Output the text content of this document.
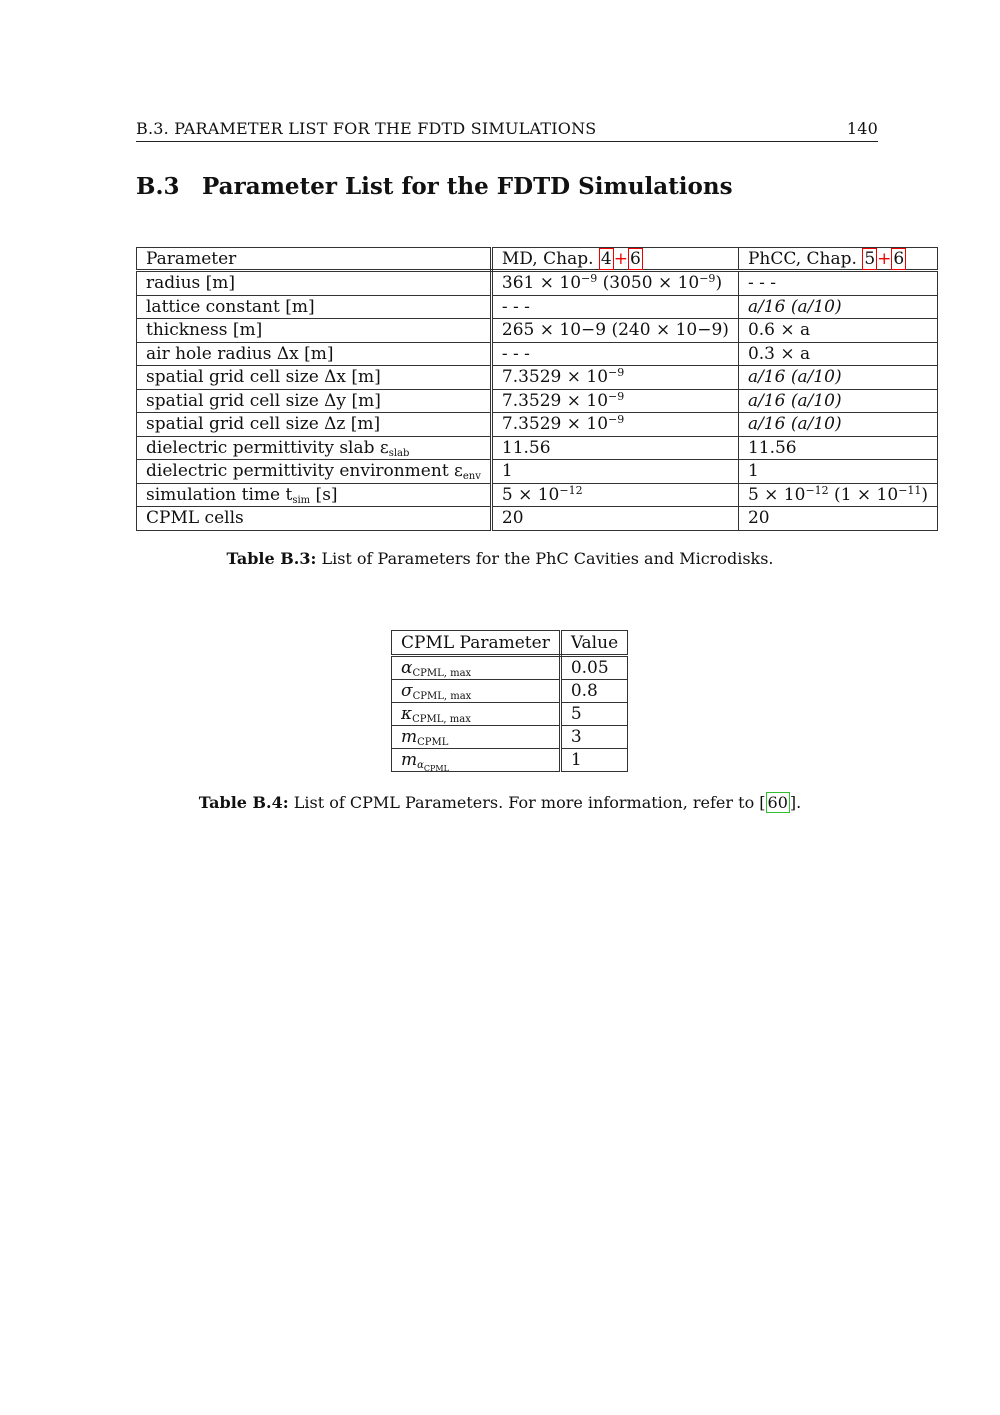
B.3. PARAMETER LIST FOR THE FDTD SIMULATIONS	140
B.3 Parameter List for the FDTD Simulations
Parameter	MD, Chap. 4 + 6	PhCC, Chap. 5 + 6
radius [m]	$361 \times 10^{-9}$ $(3050 \times 10^{-9})$	- - -
lattice constant [m]	- - -	a/16 (a/10)
thickness [m]	265 × 10−9 (240 × 10−9)	0.6 × a
air hole radius Δx [m]	- - -	0.3 × a
spatial grid cell size Δx [m]	$7.3529 \times 10^{-9}$	a/16 (a/10)
spatial grid cell size Δy [m]	$7.3529 \times 10^{-9}$	a/16 (a/10)
spatial grid cell size Δz [m]	$7.3529 \times 10^{-9}$	a/16 (a/10)
dielectric permittivity slab $\varepsilon_{slab}$	11.56	11.56
dielectric permittivity environment $\varepsilon_{env}$	1	1
simulation time $t_{sim}$ [s]	$5 \times 10^{-12}$	$5 \times 10^{-12}$ $(1 \times 10^{-11})$
CPML cells	20	20
Table B.3: List of Parameters for the PhC Cavities and Microdisks.
CPML Parameter	Value
$\alpha_{CPML, max}$	0.05
$\sigma_{CPML, max}$	0.8
$\kappa_{CPML, max}$	5
$m_{CPML}$	3
$m_{\alpha_{CPML}}$	1
Table B.4: List of CPML Parameters. For more information, refer to [ 60 ].
